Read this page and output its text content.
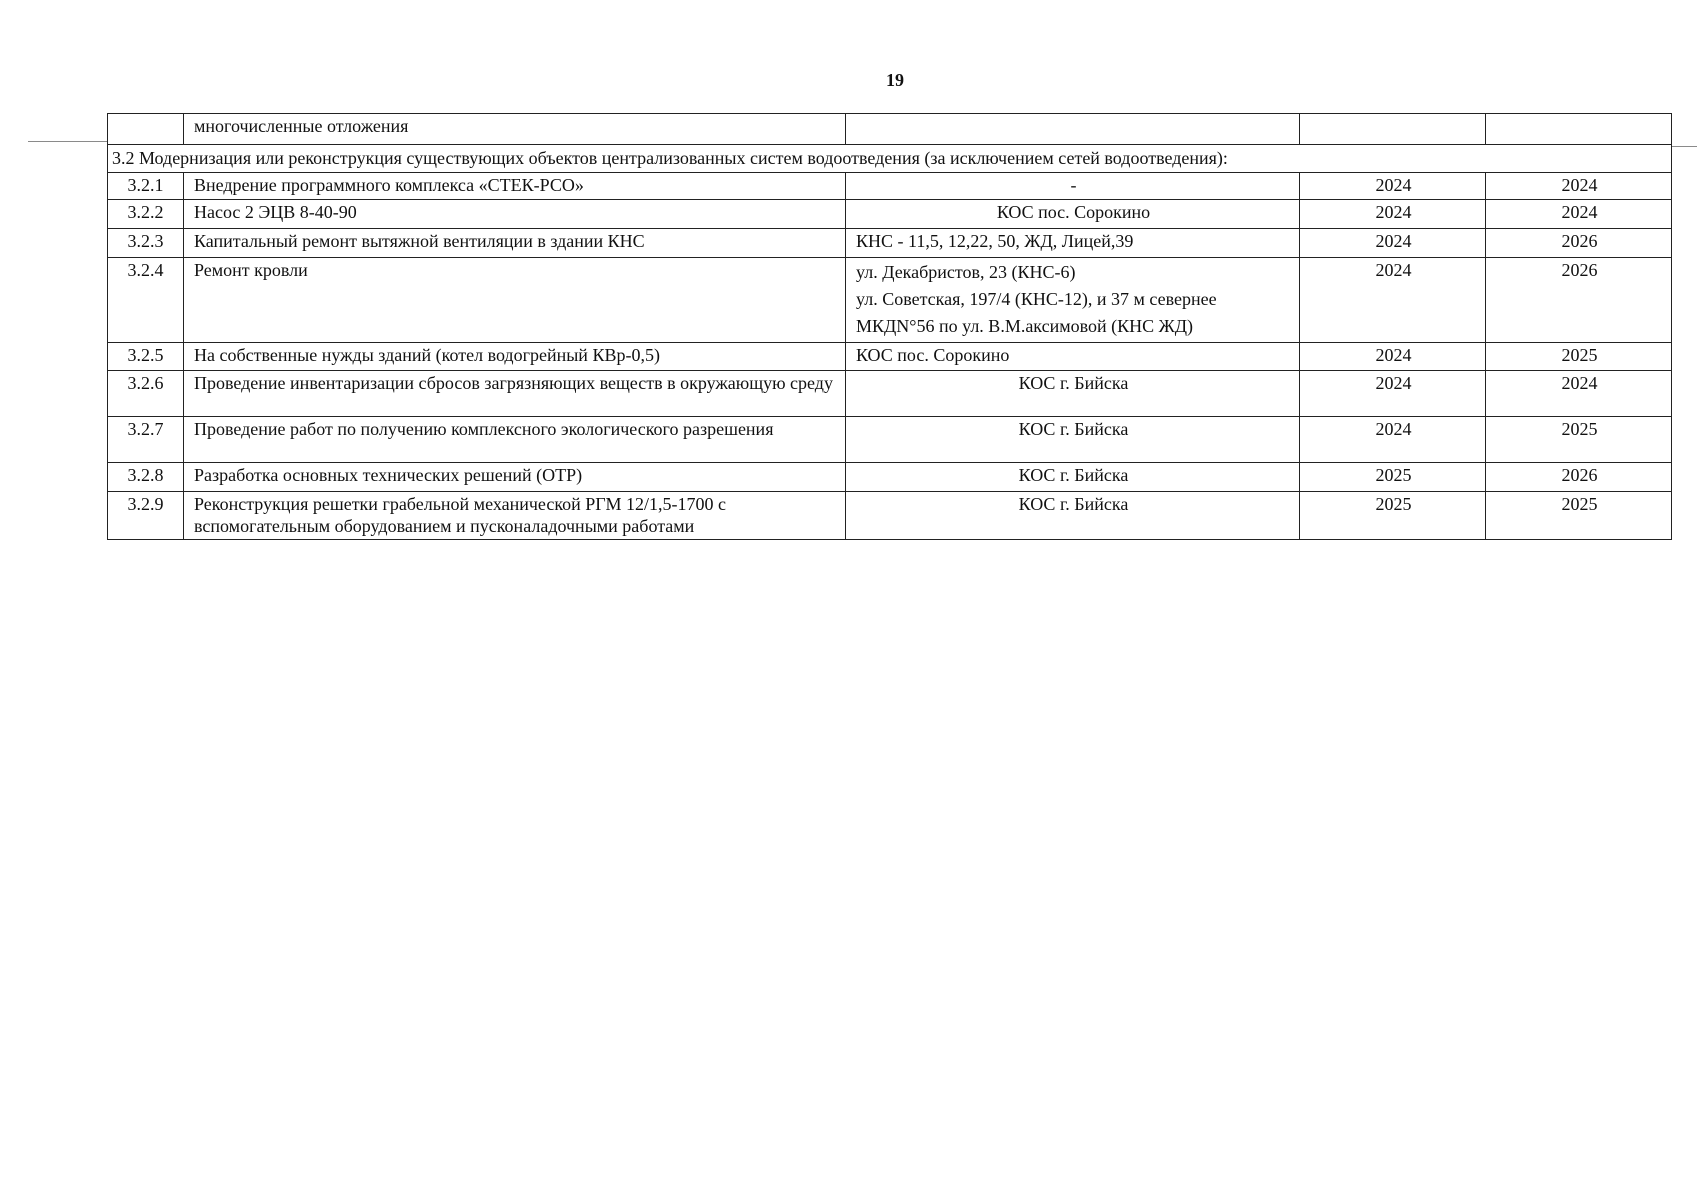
19
	многочисленные отложения			
3.2 Модернизация или реконструкция существующих объектов централизованных систем водоотведения (за исключением сетей водоотведения):				
3.2.1	Внедрение программного комплекса «СТЕК-РСО»	-	2024	2024
3.2.2	Насос 2 ЭЦВ 8-40-90	КОС пос. Сорокино	2024	2024
3.2.3	Капитальный ремонт вытяжной вентиляции в здании КНС	КНС - 11,5, 12,22, 50, ЖД, Лицей,39	2024	2026
3.2.4	Ремонт кровли	ул. Декабристов, 23 (КНС-6)
ул. Советская, 197/4 (КНС-12), и 37 м севернее
МКДN°56 по ул. В.М.аксимовой (КНС ЖД)	2024	2026
3.2.5	На собственные нужды зданий (котел водогрейный КВр-0,5)	КОС пос. Сорокино	2024	2025
3.2.6	Проведение инвентаризации сбросов загрязняющих веществ в окружающую среду	КОС г. Бийска	2024	2024
3.2.7	Проведение работ по получению комплексного экологического разрешения	КОС г. Бийска	2024	2025
3.2.8	Разработка основных технических решений (ОТР)	КОС г. Бийска	2025	2026
3.2.9	Реконструкция решетки грабельной механической РГМ 12/1,5-1700 с вспомогательным оборудованием и пусконаладочными работами	КОС г. Бийска	2025	2025
